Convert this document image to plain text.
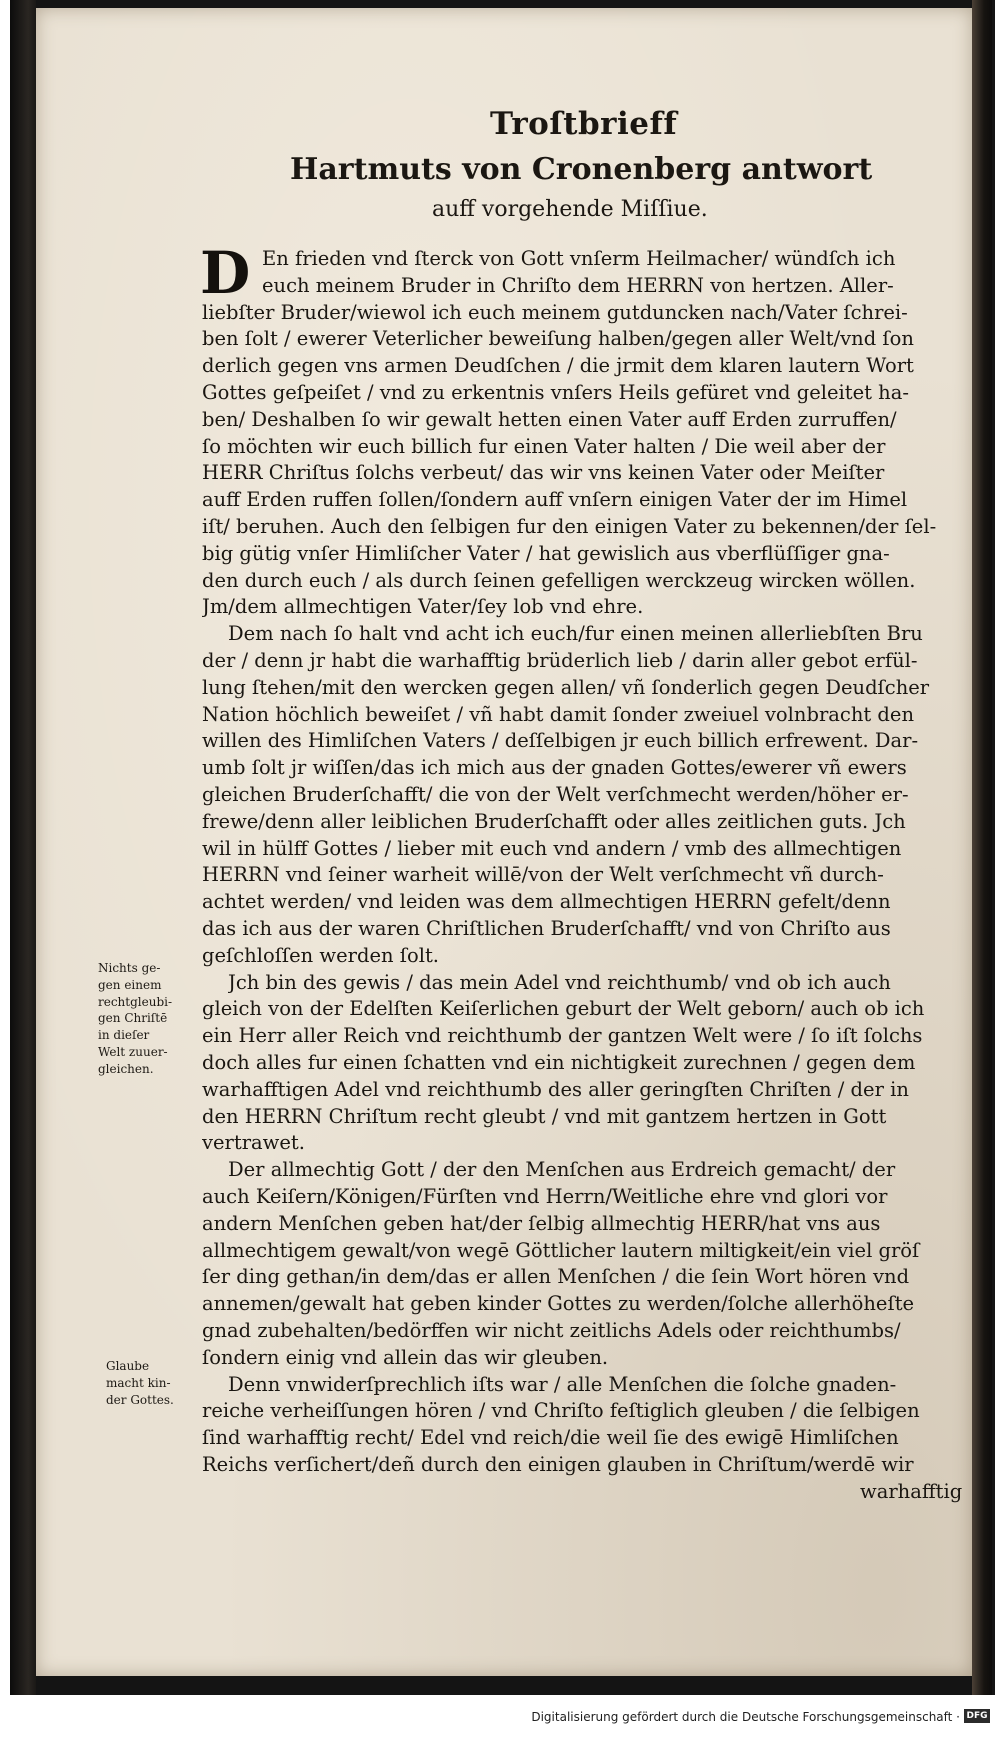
Troſtbrieff
Hartmuts von Cronenberg antwort
auff vorgehende Miſſiue.
D En frieden vnd ſterck von Gott vnſerm Heilmacher/ wündſch ich
euch meinem Bruder in Chriſto dem HERRN von hertzen. Aller-
liebſter Bruder/wiewol ich euch meinem gutduncken nach/Vater ſchrei-
ben ſolt / ewerer Veterlicher beweiſung halben/gegen aller Welt/vnd ſon
derlich gegen vns armen Deudſchen / die jrmit dem klaren lautern Wort
Gottes geſpeiſet / vnd zu erkentnis vnſers Heils gefüret vnd geleitet ha-
ben/ Deshalben ſo wir gewalt hetten einen Vater auff Erden zurruffen/
ſo möchten wir euch billich fur einen Vater halten / Die weil aber der
HERR Chriſtus ſolchs verbeut/ das wir vns keinen Vater oder Meiſter
auff Erden ruffen ſollen/ſondern auff vnſern einigen Vater der im Himel
iſt/ beruhen. Auch den ſelbigen fur den einigen Vater zu bekennen/der ſel-
big gütig vnſer Himliſcher Vater / hat gewislich aus vberflüſſiger gna-
den durch euch / als durch ſeinen gefelligen werckzeug wircken wöllen.
Jm/dem allmechtigen Vater/ſey lob vnd ehre.
Dem nach ſo halt vnd acht ich euch/fur einen meinen allerliebſten Bru
der / denn jr habt die warhafftig brüderlich lieb / darin aller gebot erfül-
lung ſtehen/mit den wercken gegen allen/ vñ ſonderlich gegen Deudſcher
Nation höchlich beweiſet / vñ habt damit ſonder zweiuel volnbracht den
willen des Himliſchen Vaters / deſſelbigen jr euch billich erfrewent. Dar-
umb ſolt jr wiſſen/das ich mich aus der gnaden Gottes/ewerer vñ ewers
gleichen Bruderſchafft/ die von der Welt verſchmecht werden/höher er-
frewe/denn aller leiblichen Bruderſchafft oder alles zeitlichen guts. Jch
wil in hülff Gottes / lieber mit euch vnd andern / vmb des allmechtigen
HERRN vnd ſeiner warheit willē/von der Welt verſchmecht vñ durch-
achtet werden/ vnd leiden was dem allmechtigen HERRN gefelt/denn
das ich aus der waren Chriſtlichen Bruderſchafft/ vnd von Chriſto aus
geſchloſſen werden ſolt.
Jch bin des gewis / das mein Adel vnd reichthumb/ vnd ob ich auch
gleich von der Edelſten Keiſerlichen geburt der Welt geborn/ auch ob ich
ein Herr aller Reich vnd reichthumb der gantzen Welt were / ſo iſt ſolchs
doch alles fur einen ſchatten vnd ein nichtigkeit zurechnen / gegen dem
warhafftigen Adel vnd reichthumb des aller geringſten Chriſten / der in
den HERRN Chriſtum recht gleubt / vnd mit gantzem hertzen in Gott
vertrawet.
Der allmechtig Gott / der den Menſchen aus Erdreich gemacht/ der
auch Keiſern/Königen/Fürſten vnd Herrn/Weitliche ehre vnd glori vor
andern Menſchen geben hat/der ſelbig allmechtig HERR/hat vns aus
allmechtigem gewalt/von wegē Göttlicher lautern miltigkeit/ein viel gröſ
ſer ding gethan/in dem/das er allen Menſchen / die ſein Wort hören vnd
annemen/gewalt hat geben kinder Gottes zu werden/ſolche allerhöheſte
gnad zubehalten/bedörffen wir nicht zeitlichs Adels oder reichthumbs/
ſondern einig vnd allein das wir gleuben.
Denn vnwiderſprechlich iſts war / alle Menſchen die ſolche gnaden-
reiche verheiſſungen hören / vnd Chriſto feſtiglich gleuben / die ſelbigen
ſind warhafftig recht/ Edel vnd reich/die weil ſie des ewigē Himliſchen
Reichs verſichert/deñ durch den einigen glauben in Chriſtum/werdē wir
warhafftig
Nichts ge-
gen einem
rechtgleubi-
gen Chriſtē
in dieſer
Welt zuuer-
gleichen.
Glaube
macht kin-
der Gottes.
Digitalisierung gefördert durch die Deutsche Forschungsgemeinschaft · DFG
